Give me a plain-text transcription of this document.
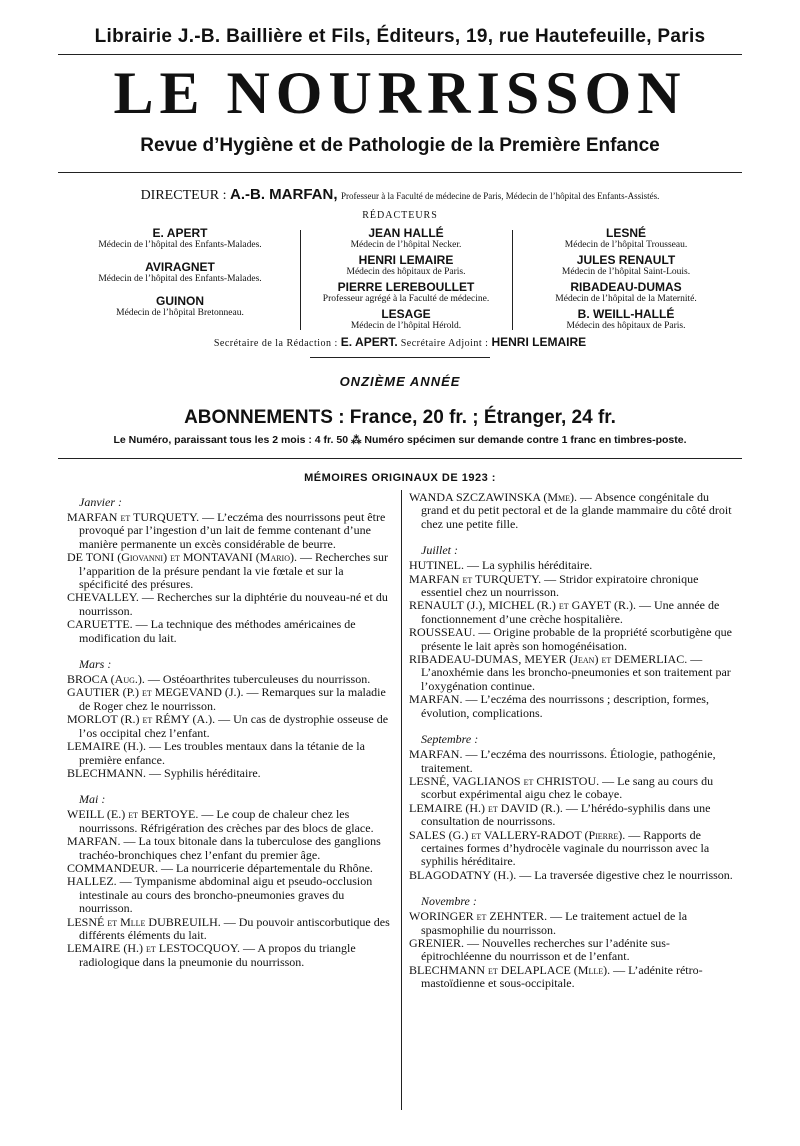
Librairie J.-B. Baillière et Fils, Éditeurs, 19, rue Hautefeuille, Paris
LE NOURRISSON
Revue d’Hygiène et de Pathologie de la Première Enfance
DIRECTEUR : A.-B. MARFAN, Professeur à la Faculté de médecine de Paris, Médecin de l’hôpital des Enfants-Assistés.
RÉDACTEURS
E. APERT
Médecin de l’hôpital des Enfants-Malades.
AVIRAGNET
Médecin de l’hôpital des Enfants-Malades.
GUINON
Médecin de l’hôpital Bretonneau.
JEAN HALLÉ
Médecin de l’hôpital Necker.
HENRI LEMAIRE
Médecin des hôpitaux de Paris.
PIERRE LEREBOULLET
Professeur agrégé à la Faculté de médecine.
LESAGE
Médecin de l’hôpital Hérold.
LESNÉ
Médecin de l’hôpital Trousseau.
JULES RENAULT
Médecin de l’hôpital Saint-Louis.
RIBADEAU-DUMAS
Médecin de l’hôpital de la Maternité.
B. WEILL-HALLÉ
Médecin des hôpitaux de Paris.
Secrétaire de la Rédaction : E. APERT. Secrétaire Adjoint : HENRI LEMAIRE
ONZIÈME ANNÉE
ABONNEMENTS : France, 20 fr. ; Étranger, 24 fr.
Le Numéro, paraissant tous les 2 mois : 4 fr. 50 ⁂ Numéro spécimen sur demande contre 1 franc en timbres-poste.
MÉMOIRES ORIGINAUX DE 1923 :
Janvier :

MARFAN et TURQUETY. — L’eczéma des nourrissons peut être provoqué par l’ingestion d’un lait de femme contenant d’une manière permanente un excès considérable de beurre.

DE TONI (Giovanni) et MONTAVANI (Mario). — Recherches sur l’apparition de la présure pendant la vie fœtale et sur la spécificité des présures.

CHEVALLEY. — Recherches sur la diphtérie du nouveau-né et du nourrisson.

CARUETTE. — La technique des méthodes américaines de modification du lait.

Mars :

BROCA (Aug.). — Ostéoarthrites tuberculeuses du nourrisson.

GAUTIER (P.) et MEGEVAND (J.). — Remarques sur la maladie de Roger chez le nourrisson.

MORLOT (R.) et RÉMY (A.). — Un cas de dystrophie osseuse de l’os occipital chez l’enfant.

LEMAIRE (H.). — Les troubles mentaux dans la tétanie de la première enfance.

BLECHMANN. — Syphilis héréditaire.

Mai :

WEILL (E.) et BERTOYE. — Le coup de chaleur chez les nourrissons. Réfrigération des crèches par des blocs de glace.

MARFAN. — La toux bitonale dans la tuberculose des ganglions trachéo-bronchiques chez l’enfant du premier âge.

COMMANDEUR. — La nourricerie départementale du Rhône.

HALLEZ. — Tympanisme abdominal aigu et pseudo-occlusion intestinale au cours des broncho-pneumonies graves du nourrisson.

LESNÉ et Mlle DUBREUILH. — Du pouvoir antiscorbutique des différents éléments du lait.

LEMAIRE (H.) et LESTOCQUOY. — A propos du triangle radiologique dans la pneumonie du nourrisson.

WANDA SZCZAWINSKA (Mme). — Absence congénitale du grand et du petit pectoral et de la glande mammaire du côté droit chez une petite fille.

Juillet :

HUTINEL. — La syphilis héréditaire.

MARFAN et TURQUETY. — Stridor expiratoire chronique essentiel chez un nourrisson.

RENAULT (J.), MICHEL (R.) et GAYET (R.). — Une année de fonctionnement d’une crèche hospitalière.

ROUSSEAU. — Origine probable de la propriété scorbutigène que présente le lait après son homogénéisation.

RIBADEAU-DUMAS, MEYER (Jean) et DEMERLIAC. — L’anoxhémie dans les broncho-pneumonies et son traitement par l’oxygénation continue.

MARFAN. — L’eczéma des nourrissons ; description, formes, évolution, complications.

Septembre :

MARFAN. — L’eczéma des nourrissons. Étiologie, pathogénie, traitement.

LESNÉ, VAGLIANOS et CHRISTOU. — Le sang au cours du scorbut expérimental aigu chez le cobaye.

LEMAIRE (H.) et DAVID (R.). — L’hérédo-syphilis dans une consultation de nourrissons.

SALES (G.) et VALLERY-RADOT (Pierre). — Rapports de certaines formes d’hydrocèle vaginale du nourrisson avec la syphilis héréditaire.

BLAGODATNY (H.). — La traversée digestive chez le nourrisson.

Novembre :

WORINGER et ZEHNTER. — Le traitement actuel de la spasmophilie du nourrisson.

GRENIER. — Nouvelles recherches sur l’adénite sus-épitrochléenne du nourrisson et de l’enfant.

BLECHMANN et DELAPLACE (Mlle). — L’adénite rétro-mastoïdienne et sous-occipitale.
